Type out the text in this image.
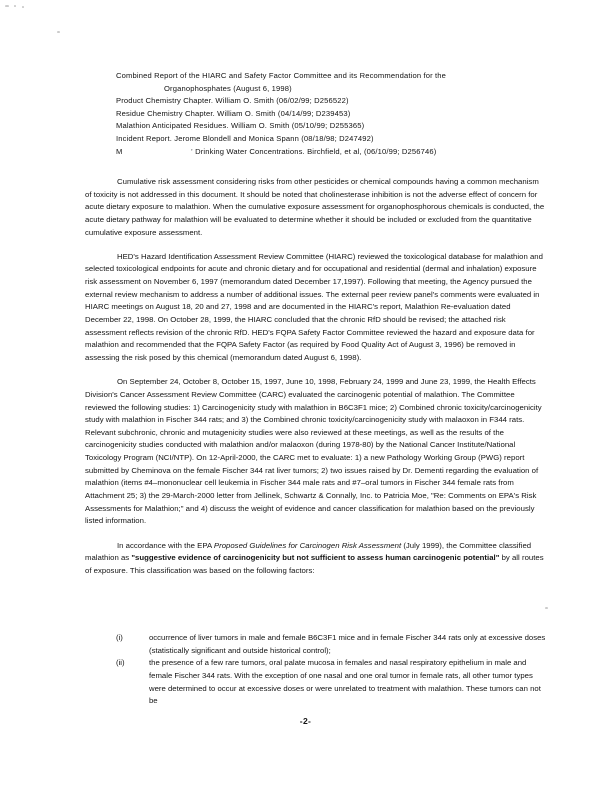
Combined Report of the HIARC and Safety Factor Committee and its Recommendation for the
Organophosphates (August 6, 1998)
Product Chemistry Chapter. William O. Smith (06/02/99; D256522)
Residue Chemistry Chapter. William O. Smith (04/14/99; D239453)
Malathion Anticipated Residues. William O. Smith (05/10/99; D255365)
Incident Report. Jerome Blondell and Monica Spann (08/18/98; D247492)
M	’ Drinking Water Concentrations. Birchfield, et al, (06/10/99; D256746)

Cumulative risk assessment considering risks from other pesticides or chemical compounds having a common mechanism of toxicity is not addressed in this document. It should be noted that cholinesterase inhibition is not the adverse effect of concern for acute dietary exposure to malathion. When the cumulative exposure assessment for organophosphorous chemicals is conducted, the acute dietary pathway for malathion will be evaluated to determine whether it should be included or excluded from the quantitative cumulative exposure assessment.

HED's Hazard Identification Assessment Review Committee (HIARC) reviewed the toxicological database for malathion and selected toxicological endpoints for acute and chronic dietary and for occupational and residential (dermal and inhalation) exposure risk assessment on November 6, 1997 (memorandum dated December 17,1997). Following that meeting, the Agency pursued the external review mechanism to address a number of additional issues. The external peer review panel's comments were evaluated in HIARC meetings on August 18, 20 and 27, 1998 and are documented in the HIARC's report, Malathion Re-evaluation dated December 22, 1998. On October 28, 1999, the HIARC concluded that the chronic RfD should be revised; the attached risk assessment reflects revision of the chronic RfD. HED's FQPA Safety Factor Committee reviewed the hazard and exposure data for malathion and recommended that the FQPA Safety Factor (as required by Food Quality Act of August 3, 1996) be removed in assessing the risk posed by this chemical (memorandum dated August 6, 1998).

On September 24, October 8, October 15, 1997, June 10, 1998, February 24, 1999 and June 23, 1999, the Health Effects Division's Cancer Assessment Review Committee (CARC) evaluated the carcinogenic potential of malathion. The Committee reviewed the following studies: 1) Carcinogenicity study with malathion in B6C3F1 mice; 2) Combined chronic toxicity/carcinogenicity study with malathion in Fischer 344 rats; and 3) the Combined chronic toxicity/carcinogenicity study with malaoxon in F344 rats. Relevant subchronic, chronic and mutagenicity studies were also reviewed at these meetings, as well as the results of the carcinogenicity studies conducted with malathion and/or malaoxon (during 1978-80) by the National Cancer Institute/National Toxicology Program (NCI/NTP). On 12-April-2000, the CARC met to evaluate: 1) a new Pathology Working Group (PWG) report submitted by Cheminova on the female Fischer 344 rat liver tumors; 2) two issues raised by Dr. Dementi regarding the evaluation of malathion (items #4–mononuclear cell leukemia in Fischer 344 male rats and #7–oral tumors in Fischer 344 female rats from Attachment 25; 3) the 29-March-2000 letter from Jellinek, Schwartz & Connally, Inc. to Patricia Moe, "Re: Comments on EPA's Risk Assessments for Malathion;" and 4) discuss the weight of evidence and cancer classification for malathion based on the previously listed information.

In accordance with the EPA Proposed Guidelines for Carcinogen Risk Assessment (July 1999), the Committee classified malathion as "suggestive evidence of carcinogenicity but not sufficient to assess human carcinogenic potential" by all routes of exposure. This classification was based on the following factors:

(i)	occurrence of liver tumors in male and female B6C3F1 mice and in female Fischer 344 rats only at excessive doses (statistically significant and outside historical control);
(ii)	the presence of a few rare tumors, oral palate mucosa in females and nasal respiratory epithelium in male and female Fischer 344 rats. With the exception of one nasal and one oral tumor in female rats, all other tumor types were determined to occur at excessive doses or were unrelated to treatment with malathion. These tumors can not be
-2-
